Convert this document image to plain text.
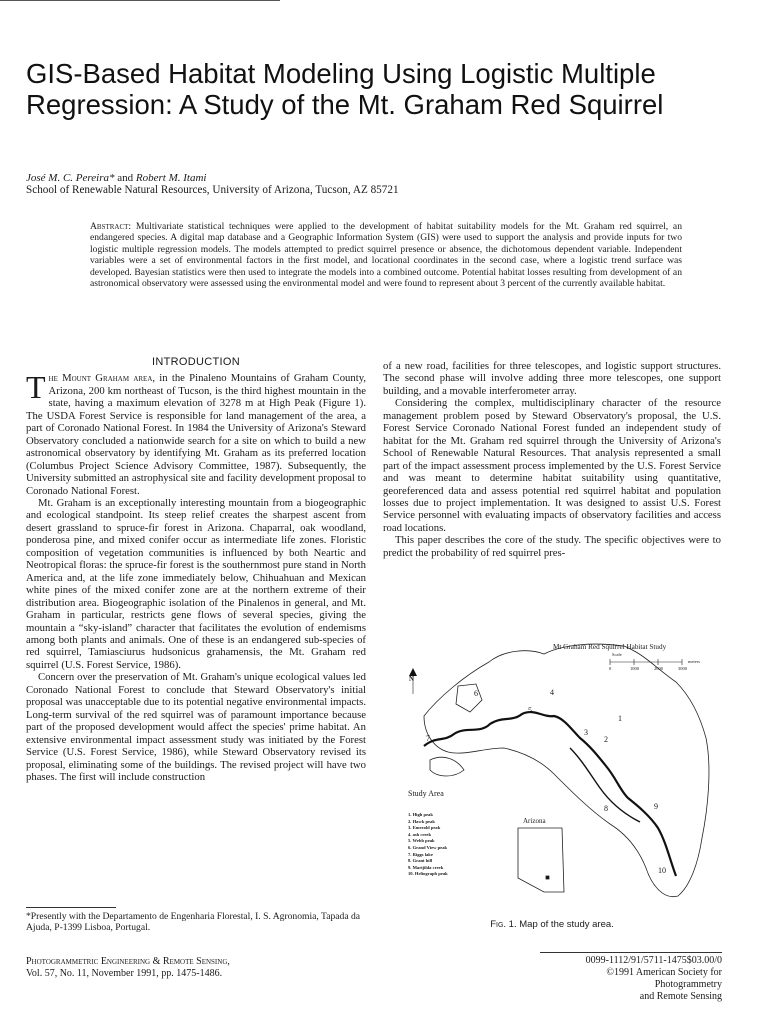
GIS-Based Habitat Modeling Using Logistic Multiple Regression: A Study of the Mt. Graham Red Squirrel
José M. C. Pereira* and Robert M. Itami
School of Renewable Natural Resources, University of Arizona, Tucson, AZ 85721

Abstract: Multivariate statistical techniques were applied to the development of habitat suitability models for the Mt. Graham red squirrel, an endangered species. A digital map database and a Geographic Information System (GIS) were used to support the analysis and provide inputs for two logistic multiple regression models. The models attempted to predict squirrel presence or absence, the dichotomous dependent variable. Independent variables were a set of environmental factors in the first model, and locational coordinates in the second case, where a logistic trend surface was developed. Bayesian statistics were then used to integrate the models into a combined outcome. Potential habitat losses resulting from development of an astronomical observatory were assessed using the environmental model and were found to represent about 3 percent of the currently available habitat.

INTRODUCTION

The Mount Graham area, in the Pinaleno Mountains of Graham County, Arizona, 200 km northeast of Tucson, is the third highest mountain in the state, having a maximum elevation of 3278 m at High Peak (Figure 1). The USDA Forest Service is responsible for land management of the area, a part of Coronado National Forest. In 1984 the University of Arizona's Steward Observatory concluded a nationwide search for a site on which to build a new astronomical observatory by identifying Mt. Graham as its preferred location (Columbus Project Science Advisory Committee, 1987). Subsequently, the University submitted an astrophysical site and facility development proposal to Coronado National Forest.

Mt. Graham is an exceptionally interesting mountain from a biogeographic and ecological standpoint. Its steep relief creates the sharpest ascent from desert grassland to spruce-fir forest in Arizona. Chaparral, oak woodland, ponderosa pine, and mixed conifer occur as intermediate life zones. Floristic composition of vegetation communities is influenced by both Neartic and Neotropical floras: the spruce-fir forest is the southernmost pure stand in North America and, at the life zone immediately below, Chihuahuan and Mexican white pines of the mixed conifer zone are at the northern extreme of their distribution area. Biogeographic isolation of the Pinalenos in general, and Mt. Graham in particular, restricts gene flows of several species, giving the mountain a “sky-island” character that facilitates the evolution of endemisms among both plants and animals. One of these is an endangered sub-species of red squirrel, Tamiasciurus hudsonicus grahamensis, the Mt. Graham red squirrel (U.S. Forest Service, 1986).

Concern over the preservation of Mt. Graham's unique ecological values led Coronado National Forest to conclude that Steward Observatory's initial proposal was unacceptable due to its potential negative environmental impacts. Long-term survival of the red squirrel was of paramount importance because part of the proposed development would affect the species' prime habitat. An extensive environmental impact assessment study was initiated by the Forest Service (U.S. Forest Service, 1986), while Steward Observatory revised its proposal, eliminating some of the buildings. The revised project will have two phases. The first will include construction

of a new road, facilities for three telescopes, and logistic support structures. The second phase will involve adding three more telescopes, one support building, and a movable interferometer array.

Considering the complex, multidisciplinary character of the resource management problem posed by Steward Observatory's proposal, the U.S. Forest Service Coronado National Forest funded an independent study of habitat for the Mt. Graham red squirrel through the University of Arizona's School of Renewable Natural Resources. That analysis represented a small part of the impact assessment process implemented by the U.S. Forest Service and was meant to determine habitat suitability using quantitative, georeferenced data and assess potential red squirrel habitat and population losses due to project implementation. It was designed to assist U.S. Forest Service personnel with evaluating impacts of observatory facilities and access road locations.

This paper describes the core of the study. The specific objectives were to predict the probability of red squirrel pres-

Mt Graham Red Squirrel Habitat Study
Scale
meters
0	1000	2000	3000
N
Arizona
Study Area
1. High peak
2. Hawk peak
3. Emerald peak
4. ash creek
5. Webb peak
6. Grand View peak
7. Riggs lake
8. Grant hill
9. Marijilda creek
10. Heliograph peak
1
2
3
4
5
6
7
8	9
10
Fig. 1. Map of the study area.
*Presently with the Departamento de Engenharia Florestal, I. S. Agronomia, Tapada da Ajuda, P-1399 Lisboa, Portugal.
Photogrammetric Engineering & Remote Sensing,
Vol. 57, No. 11, November 1991, pp. 1475-1486.
0099-1112/91/5711-1475$03.00/0
©1991 American Society for Photogrammetry
and Remote Sensing
